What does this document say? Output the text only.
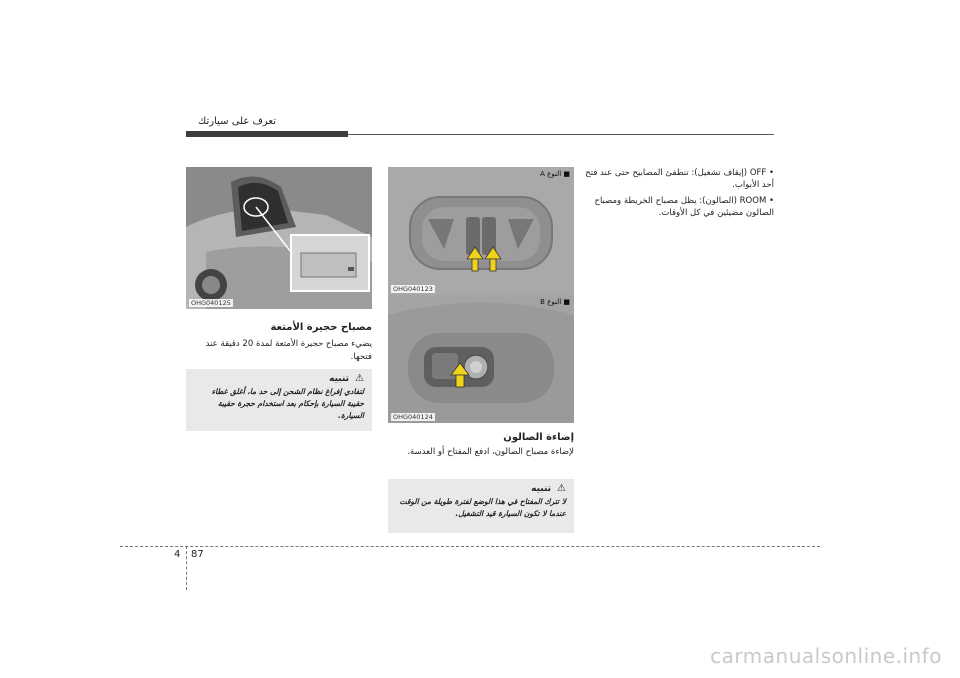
تعرف على سيارتك
OHG040125
مصباح حجيرة الأمتعة
يضيء مصباح حجيرة الأمتعة لمدة 20 دقيقة عند فتحها.
⚠تنبيه
لتفادي إفراغ نظام الشحن إلى حد ما، أغلق غطاء حقيبة السيارة بإحكام بعد استخدام حجرة حقيبة السيارة.
■ النوع A
OHG040123
■ النوع B
OHG040124
إضاءة الصالون
لإضاءة مصباح الصالون، ادفع المفتاح أو العدسة.
⚠تنبيه
لا تترك المفتاح في هذا الوضع لفترة طويلة من الوقت عندما لا تكون السيارة قيد التشغيل.
• OFF (إيقاف تشغيل): تنطفئ المصابيح حتى عند فتح أحد الأبواب.
• ROOM (الصالون): يظل مصباح الخريطة ومصباح الصالون مضيئين في كل الأوقات.
4 87
carmanualsonline.info
